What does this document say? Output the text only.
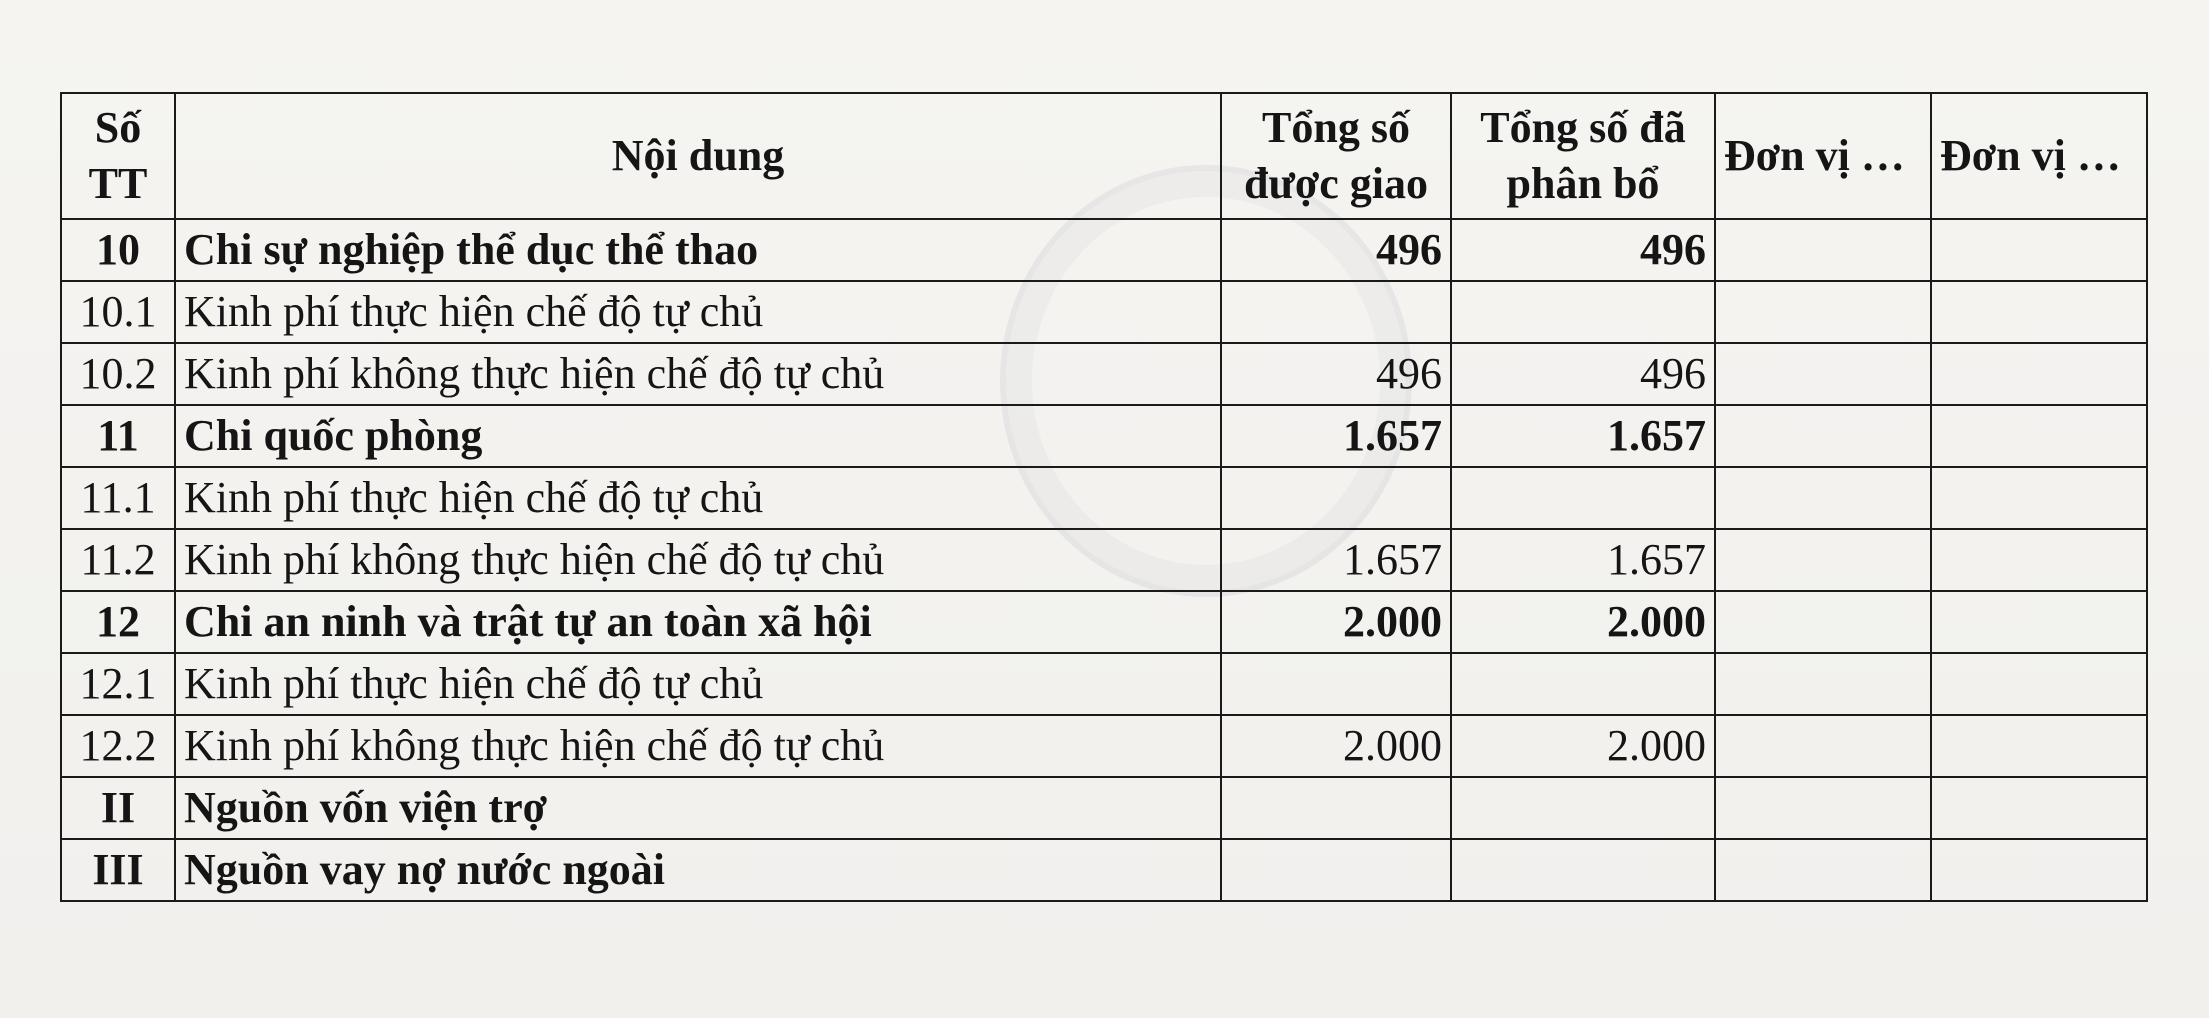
Số TT	Nội dung	Tổng số được giao	Tổng số đã phân bổ	Đơn vị …	Đơn vị …
10	Chi sự nghiệp thể dục thể thao	496	496		
10.1	Kinh phí thực hiện chế độ tự chủ				
10.2	Kinh phí không thực hiện chế độ tự chủ	496	496		
11	Chi quốc phòng	1.657	1.657		
11.1	Kinh phí thực hiện chế độ tự chủ				
11.2	Kinh phí không thực hiện chế độ tự chủ	1.657	1.657		
12	Chi an ninh và trật tự an toàn xã hội	2.000	2.000		
12.1	Kinh phí thực hiện chế độ tự chủ				
12.2	Kinh phí không thực hiện chế độ tự chủ	2.000	2.000		
II	Nguồn vốn viện trợ				
III	Nguồn vay nợ nước ngoài				
